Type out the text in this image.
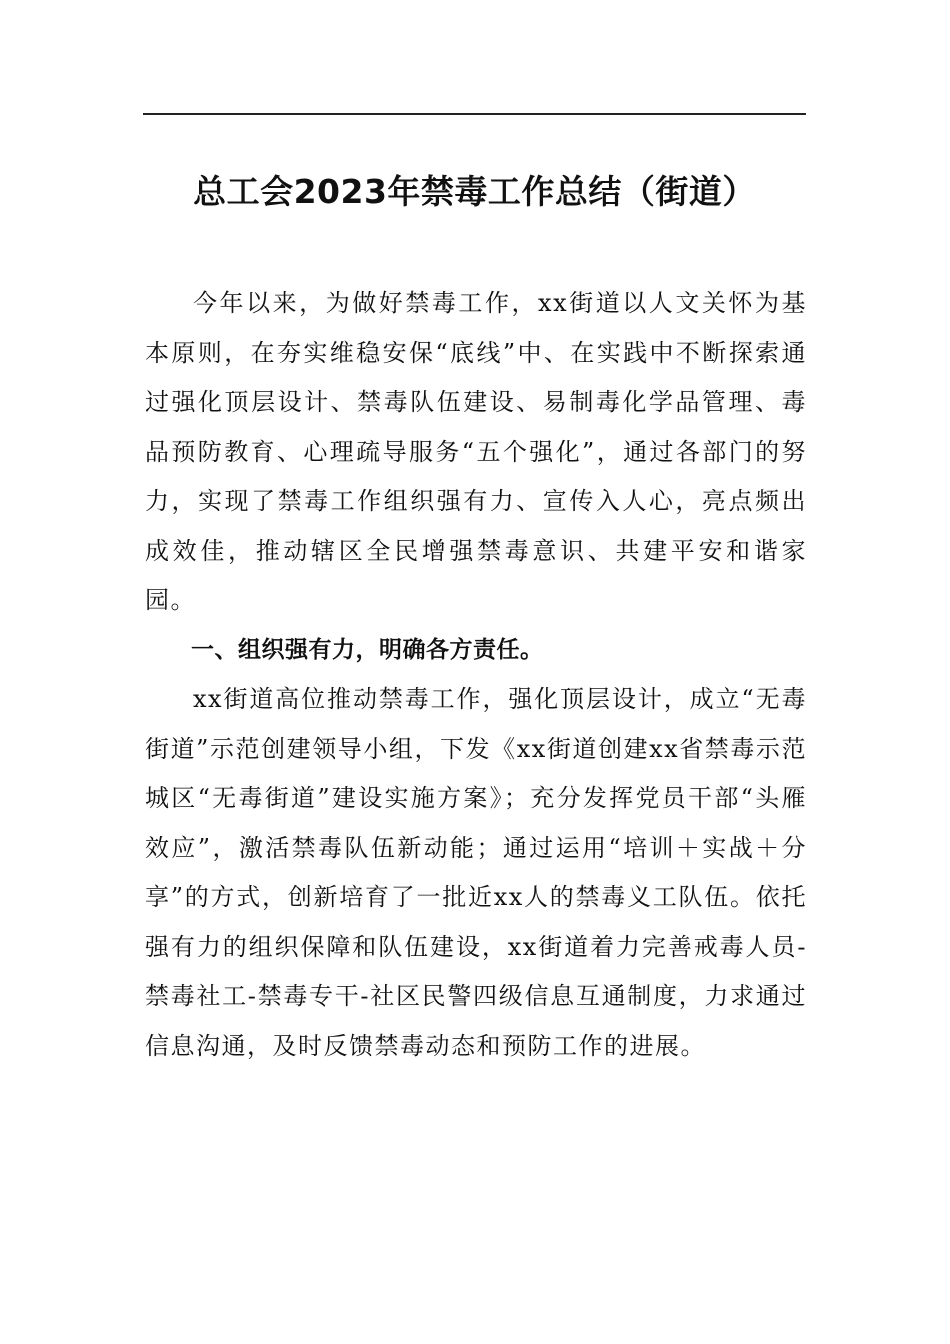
总工会2023年禁毒工作总结（街道）

今年以来，为做好禁毒工作，xx街道以人文关怀为基本原则，在夯实维稳安保“底线”中、在实践中不断探索通过强化顶层设计、禁毒队伍建设、易制毒化学品管理、毒品预防教育、心理疏导服务“五个强化”，通过各部门的努力，实现了禁毒工作组织强有力、宣传入人心，亮点频出成效佳，推动辖区全民增强禁毒意识、共建平安和谐家园。

一、组织强有力，明确各方责任。

xx街道高位推动禁毒工作，强化顶层设计，成立“无毒街道”示范创建领导小组，下发《xx街道创建xx省禁毒示范城区“无毒街道”建设实施方案》；充分发挥党员干部“头雁效应”，激活禁毒队伍新动能；通过运用“培训＋实战＋分享”的方式，创新培育了一批近xx人的禁毒义工队伍。依托强有力的组织保障和队伍建设，xx街道着力完善戒毒人员-禁毒社工-禁毒专干-社区民警四级信息互通制度，力求通过信息沟通，及时反馈禁毒动态和预防工作的进展。
